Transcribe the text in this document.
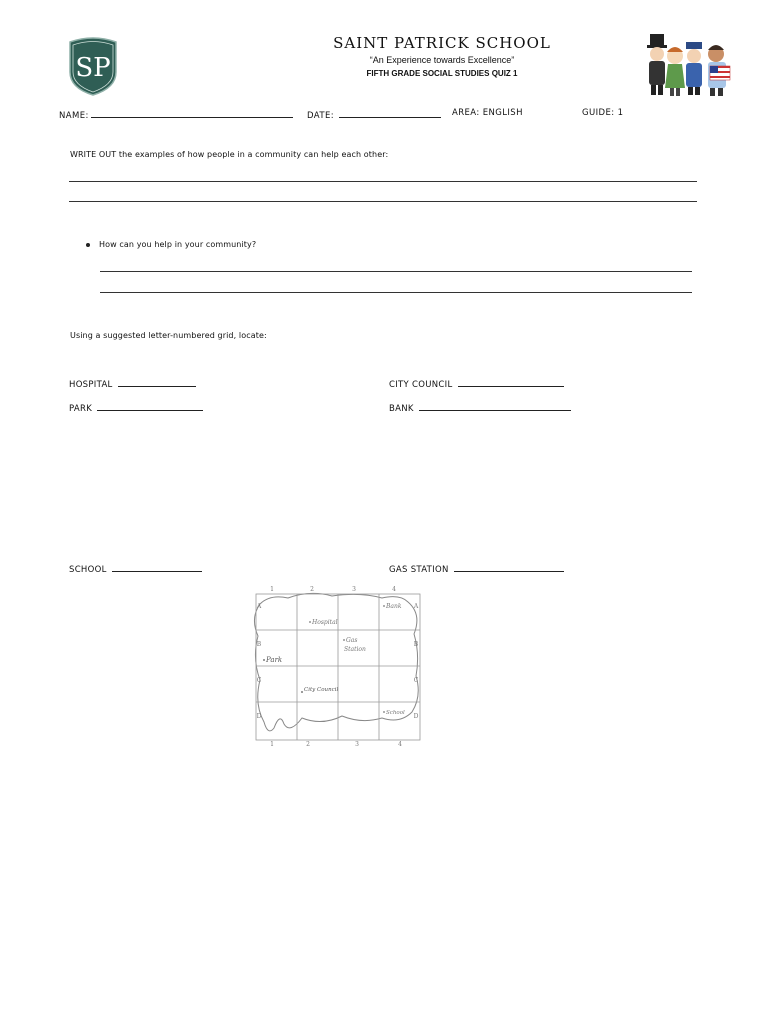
SP
SAINT PATRICK SCHOOL
“An Experience towards Excellence”
FIFTH GRADE SOCIAL STUDIES QUIZ 1
NAME:	DATE:	AREA: ENGLISH	GUIDE: 1
WRITE OUT the examples of how people in a community can help each other:
How can you help in your community?
Using a suggested letter-numbered grid, locate:
HOSPITAL	CITY COUNCIL
PARK	BANK
SCHOOL	GAS STATION
1	2	3	4
1	2	3	4
A
B
C
D
A
B
C
D
Hospital
Bank
Gas
Station
Park
City Council
School
